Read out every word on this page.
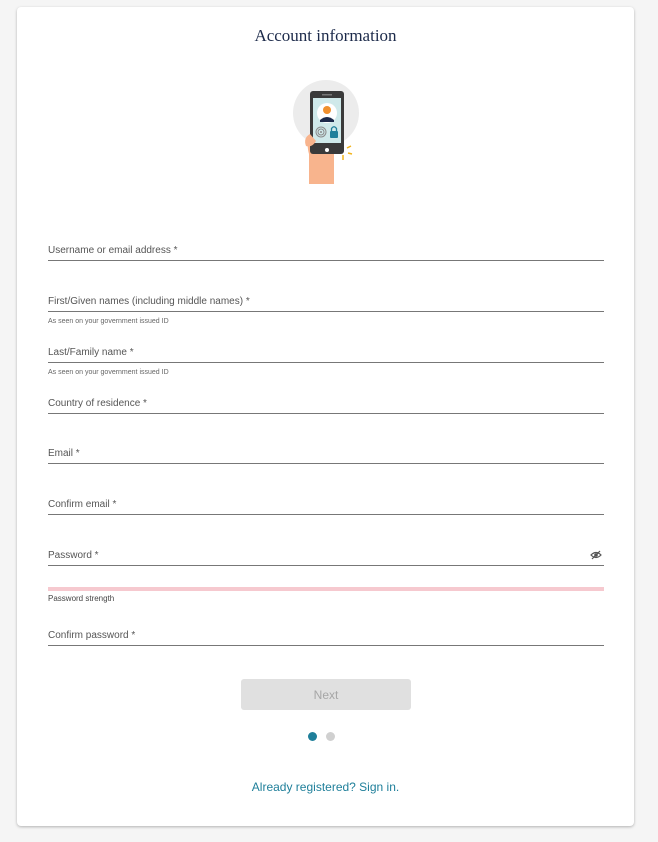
Account information
Username or email address *
First/Given names (including middle names) *
As seen on your government issued ID
Last/Family name *
As seen on your government issued ID
Country of residence *
Email *
Confirm email *
Password *
Password strength
Confirm password *
Next
Already registered? Sign in.
